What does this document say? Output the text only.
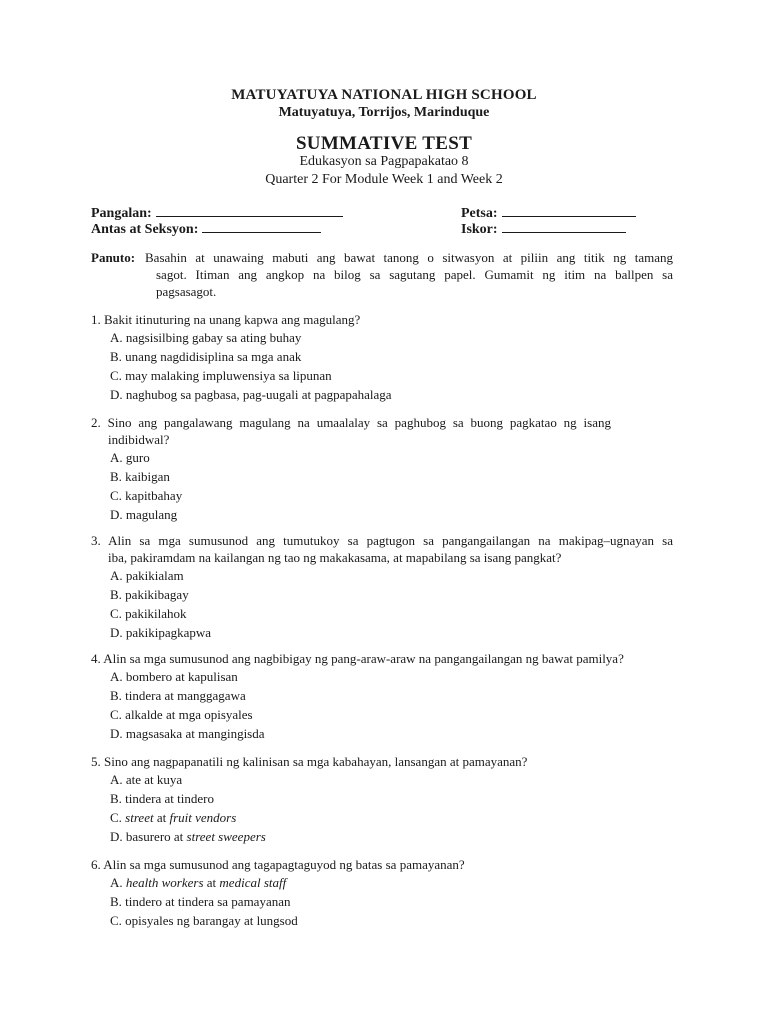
MATUYATUYA NATIONAL HIGH SCHOOL
Matuyatuya, Torrijos, Marinduque
SUMMATIVE TEST
Edukasyon sa Pagpapakatao 8
Quarter 2 For Module Week 1 and Week 2
Pangalan:
Antas at Seksyon:
Petsa:
Iskor:
Panuto: Basahin at unawaing mabuti ang bawat tanong o sitwasyon at piliin ang titik ng tamang
sagot. Itiman ang angkop na bilog sa sagutang papel. Gumamit ng itim na ballpen sa
pagsasagot.
1. Bakit itinuturing na unang kapwa ang magulang?
A. nagsisilbing gabay sa ating buhay
B. unang nagdidisiplina sa mga anak
C. may malaking impluwensiya sa lipunan
D. naghubog sa pagbasa, pag-uugali at pagpapahalaga
2. Sino ang pangalawang magulang na umaalalay sa paghubog sa buong pagkatao ng isang
indibidwal?
A. guro
B. kaibigan
C. kapitbahay
D. magulang
3. Alin sa mga sumusunod ang tumutukoy sa pagtugon sa pangangailangan na makipag–ugnayan sa
iba, pakiramdam na kailangan ng tao ng makakasama, at mapabilang sa isang pangkat?
A. pakikialam
B. pakikibagay
C. pakikilahok
D. pakikipagkapwa
4. Alin sa mga sumusunod ang nagbibigay ng pang-araw-araw na pangangailangan ng bawat pamilya?
A. bombero at kapulisan
B. tindera at manggagawa
C. alkalde at mga opisyales
D. magsasaka at mangingisda
5. Sino ang nagpapanatili ng kalinisan sa mga kabahayan, lansangan at pamayanan?
A. ate at kuya
B. tindera at tindero
C. street at fruit vendors
D. basurero at street sweepers
6. Alin sa mga sumusunod ang tagapagtaguyod ng batas sa pamayanan?
A. health workers at medical staff
B. tindero at tindera sa pamayanan
C. opisyales ng barangay at lungsod
